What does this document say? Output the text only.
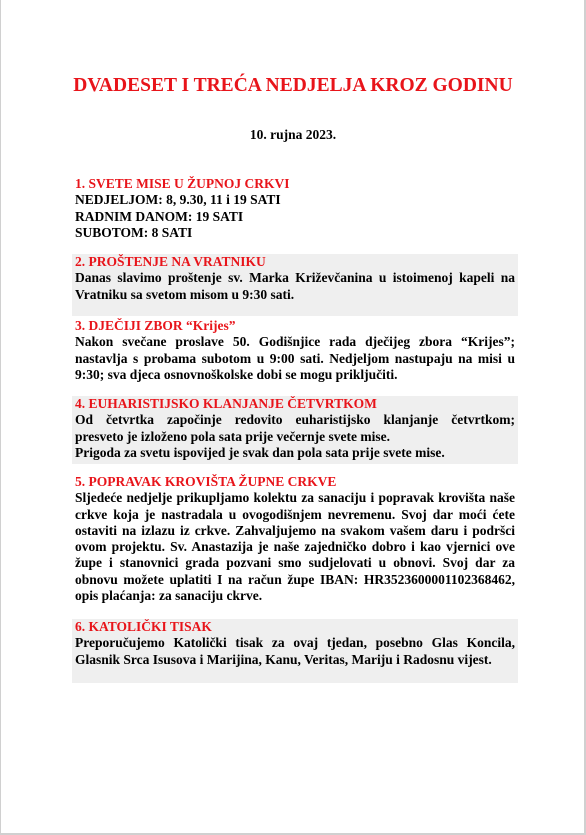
DVADESET I TREĆA NEDJELJA KROZ GODINU
10. rujna 2023.
1. SVETE MISE U ŽUPNOJ CRKVI
NEDJELJOM: 8, 9.30, 11 i 19 SATI
RADNIM DANOM: 19 SATI
SUBOTOM: 8 SATI
2. PROŠTENJE NA VRATNIKU
Danas slavimo proštenje sv. Marka Križevčanina u istoimenoj kapeli na
Vratniku sa svetom misom u 9:30 sati.
3. DJEČIJI ZBOR “Krijes”
Nakon svečane proslave 50. Godišnjice rada dječijeg zbora “Krijes”;
nastavlja s probama subotom u 9:00 sati. Nedjeljom nastupaju na misi u
9:30; sva djeca osnovnoškolske dobi se mogu priključiti.
4. EUHARISTIJSKO KLANJANJE ČETVRTKOM
Od četvrtka započinje redovito euharistijsko klanjanje četvrtkom;
presveto je izloženo pola sata prije večernje svete mise.
Prigoda za svetu ispovijed je svak dan pola sata prije svete mise.
5. POPRAVAK KROVIŠTA ŽUPNE CRKVE
Sljedeće nedjelje prikupljamo kolektu za sanaciju i popravak krovišta naše
crkve koja je nastradala u ovogodišnjem nevremenu. Svoj dar moći ćete
ostaviti na izlazu iz crkve. Zahvaljujemo na svakom vašem daru i podršci
ovom projektu. Sv. Anastazija je naše zajedničko dobro i kao vjernici ove
župe i stanovnici grada pozvani smo sudjelovati u obnovi. Svoj dar za
obnovu možete uplatiti I na račun župe IBAN: HR3523600001102368462,
opis plaćanja: za sanaciju ckrve.
6. KATOLIČKI TISAK
Preporučujemo Katolički tisak za ovaj tjedan, posebno Glas Koncila,
Glasnik Srca Isusova i Marijina, Kanu, Veritas, Mariju i Radosnu vijest.
